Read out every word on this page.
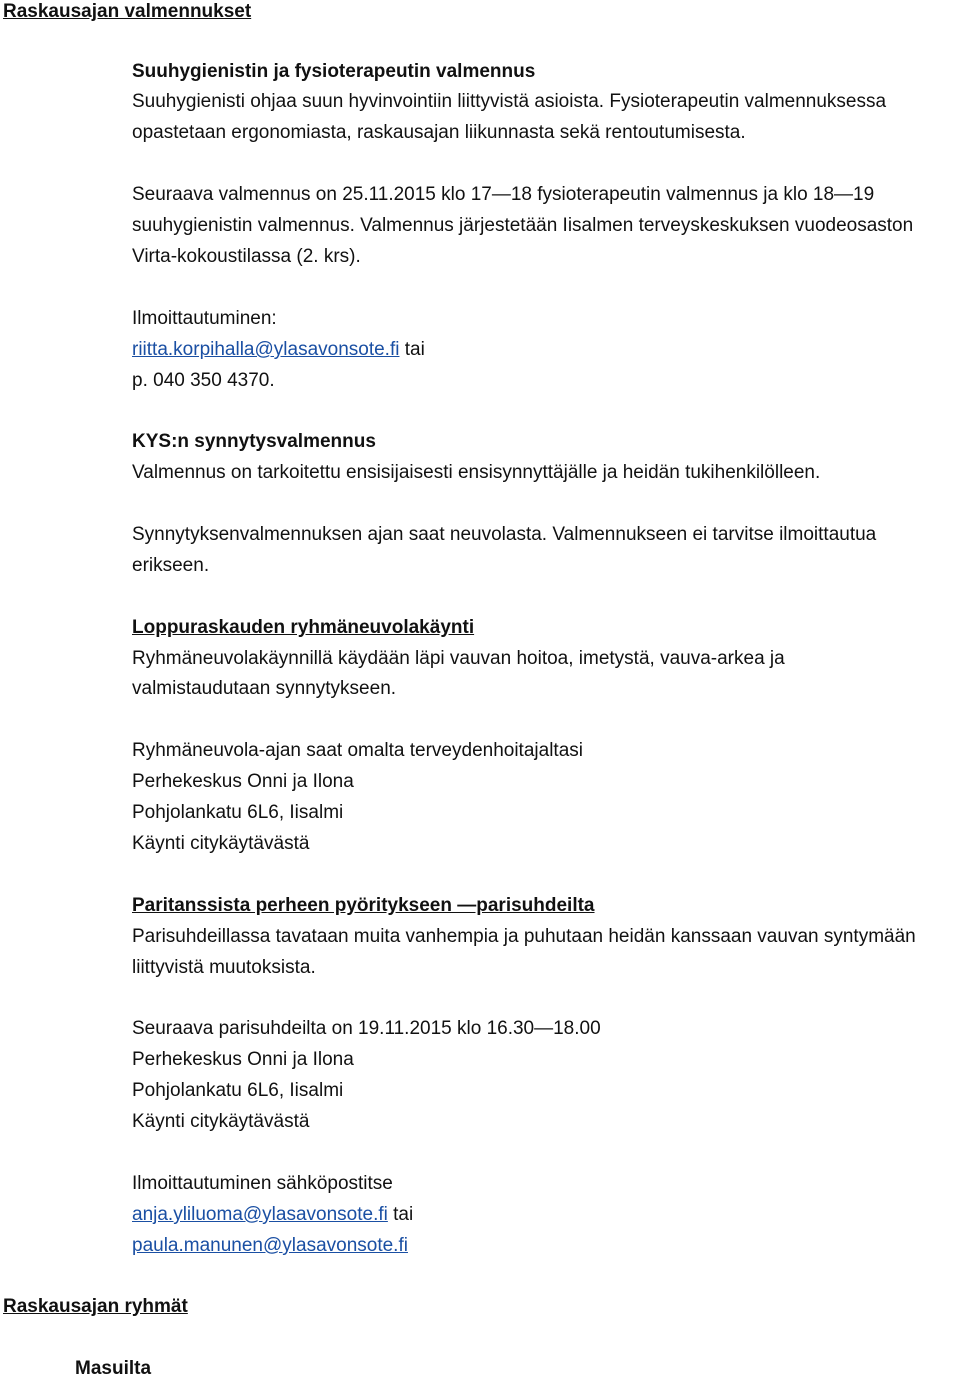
Raskausajan valmennukset
Suuhygienistin ja fysioterapeutin valmennus
Suuhygienisti ohjaa suun hyvinvointiin liittyvistä asioista. Fysioterapeutin valmennuksessa
opastetaan ergonomiasta, raskausajan liikunnasta sekä rentoutumisesta.
Seuraava valmennus on 25.11.2015 klo 17—18 fysioterapeutin valmennus ja klo 18—19
suuhygienistin valmennus. Valmennus järjestetään Iisalmen terveyskeskuksen vuodeosaston
Virta-kokoustilassa (2. krs).
Ilmoittautuminen:
riitta.korpihalla@ylasavonsote.fi tai
p. 040 350 4370.
KYS:n synnytysvalmennus
Valmennus on tarkoitettu ensisijaisesti ensisynnyttäjälle ja heidän tukihenkilölleen.
Synnytyksenvalmennuksen ajan saat neuvolasta. Valmennukseen ei tarvitse ilmoittautua
erikseen.
Loppuraskauden ryhmäneuvolakäynti
Ryhmäneuvolakäynnillä käydään läpi vauvan hoitoa, imetystä, vauva-arkea ja
valmistaudutaan synnytykseen.
Ryhmäneuvola-ajan saat omalta terveydenhoitajaltasi
Perhekeskus Onni ja Ilona
Pohjolankatu 6L6, Iisalmi
Käynti citykäytävästä
Paritanssista perheen pyöritykseen —parisuhdeilta
Parisuhdeillassa tavataan muita vanhempia ja puhutaan heidän kanssaan vauvan syntymään
liittyvistä muutoksista.
Seuraava parisuhdeilta on 19.11.2015 klo 16.30—18.00
Perhekeskus Onni ja Ilona
Pohjolankatu 6L6, Iisalmi
Käynti citykäytävästä
Ilmoittautuminen sähköpostitse
anja.yliluoma@ylasavonsote.fi tai
paula.manunen@ylasavonsote.fi
Raskausajan ryhmät
Masuilta
